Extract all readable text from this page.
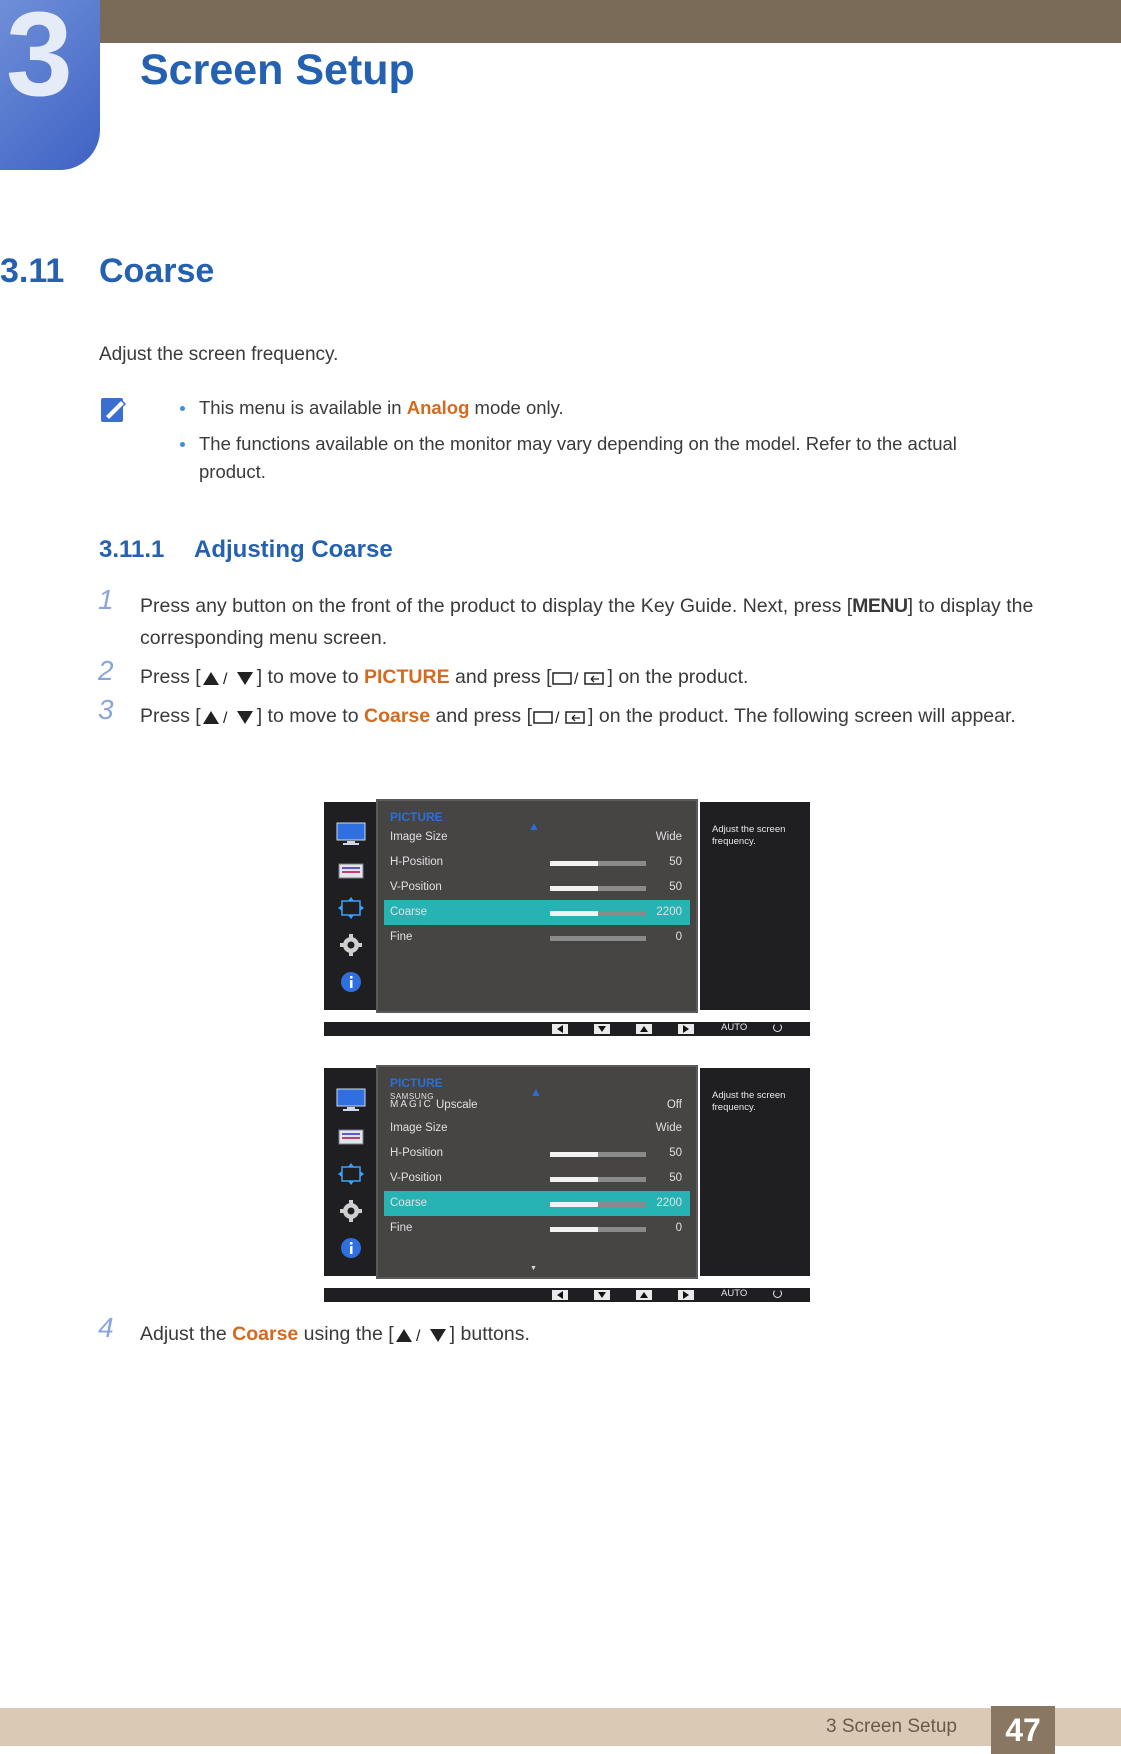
3 Screen Setup
3.11 Coarse
Adjust the screen frequency.
This menu is available in Analog mode only.
The functions available on the monitor may vary depending on the model. Refer to the actual product.
3.11.1 Adjusting Coarse
1 Press any button on the front of the product to display the Key Guide. Next, press [MENU] to display the corresponding menu screen.
2 Press [ / ] to move to PICTURE and press [ / ] on the product.
3 Press [ / ] to move to Coarse and press [ / ] on the product. The following screen will appear.
PICTURE
▲
Image Size	Wide
H-Position	50
V-Position	50
Coarse	2200
Fine	0
Adjust the screen frequency.
AUTO
PICTURE
▲
SAMSUNG
MAGIC Upscale	Off
Image Size	Wide
H-Position	50
V-Position	50
Coarse	2200
Fine	0
▼
Adjust the screen frequency.
AUTO
4 Adjust the Coarse using the [ / ] buttons.
3 Screen Setup	47
